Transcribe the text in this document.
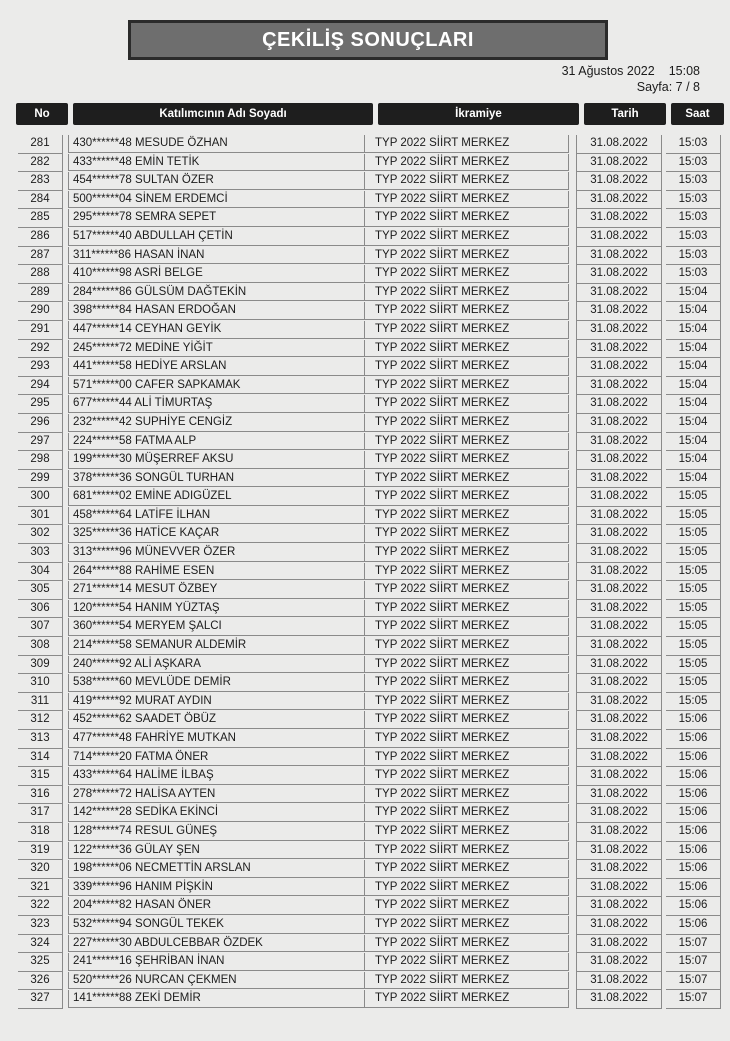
ÇEKİLİŞ SONUÇLARI
31 Ağustos 2022 15:08
Sayfa: 7 / 8
No	Katılımcının Adı Soyadı	İkramiye	Tarih	Saat
281	430******48 MESUDE ÖZHAN	TYP 2022 SİİRT MERKEZ	31.08.2022	15:03
282	433******48 EMİN TETİK	TYP 2022 SİİRT MERKEZ	31.08.2022	15:03
283	454******78 SULTAN ÖZER	TYP 2022 SİİRT MERKEZ	31.08.2022	15:03
284	500******04 SİNEM ERDEMCİ	TYP 2022 SİİRT MERKEZ	31.08.2022	15:03
285	295******78 SEMRA SEPET	TYP 2022 SİİRT MERKEZ	31.08.2022	15:03
286	517******40 ABDULLAH ÇETİN	TYP 2022 SİİRT MERKEZ	31.08.2022	15:03
287	311******86 HASAN İNAN	TYP 2022 SİİRT MERKEZ	31.08.2022	15:03
288	410******98 ASRİ BELGE	TYP 2022 SİİRT MERKEZ	31.08.2022	15:03
289	284******86 GÜLSÜM DAĞTEKİN	TYP 2022 SİİRT MERKEZ	31.08.2022	15:04
290	398******84 HASAN ERDOĞAN	TYP 2022 SİİRT MERKEZ	31.08.2022	15:04
291	447******14 CEYHAN GEYİK	TYP 2022 SİİRT MERKEZ	31.08.2022	15:04
292	245******72 MEDİNE YİĞİT	TYP 2022 SİİRT MERKEZ	31.08.2022	15:04
293	441******58 HEDİYE ARSLAN	TYP 2022 SİİRT MERKEZ	31.08.2022	15:04
294	571******00 CAFER SAPKAMAK	TYP 2022 SİİRT MERKEZ	31.08.2022	15:04
295	677******44 ALİ TİMURTAŞ	TYP 2022 SİİRT MERKEZ	31.08.2022	15:04
296	232******42 SUPHİYE CENGİZ	TYP 2022 SİİRT MERKEZ	31.08.2022	15:04
297	224******58 FATMA ALP	TYP 2022 SİİRT MERKEZ	31.08.2022	15:04
298	199******30 MÜŞERREF AKSU	TYP 2022 SİİRT MERKEZ	31.08.2022	15:04
299	378******36 SONGÜL TURHAN	TYP 2022 SİİRT MERKEZ	31.08.2022	15:04
300	681******02 EMİNE ADIGÜZEL	TYP 2022 SİİRT MERKEZ	31.08.2022	15:05
301	458******64 LATİFE İLHAN	TYP 2022 SİİRT MERKEZ	31.08.2022	15:05
302	325******36 HATİCE KAÇAR	TYP 2022 SİİRT MERKEZ	31.08.2022	15:05
303	313******96 MÜNEVVER ÖZER	TYP 2022 SİİRT MERKEZ	31.08.2022	15:05
304	264******88 RAHİME ESEN	TYP 2022 SİİRT MERKEZ	31.08.2022	15:05
305	271******14 MESUT ÖZBEY	TYP 2022 SİİRT MERKEZ	31.08.2022	15:05
306	120******54 HANIM YÜZTAŞ	TYP 2022 SİİRT MERKEZ	31.08.2022	15:05
307	360******54 MERYEM ŞALCI	TYP 2022 SİİRT MERKEZ	31.08.2022	15:05
308	214******58 SEMANUR ALDEMİR	TYP 2022 SİİRT MERKEZ	31.08.2022	15:05
309	240******92 ALİ AŞKARA	TYP 2022 SİİRT MERKEZ	31.08.2022	15:05
310	538******60 MEVLÜDE DEMİR	TYP 2022 SİİRT MERKEZ	31.08.2022	15:05
311	419******92 MURAT AYDIN	TYP 2022 SİİRT MERKEZ	31.08.2022	15:05
312	452******62 SAADET ÖBÜZ	TYP 2022 SİİRT MERKEZ	31.08.2022	15:06
313	477******48 FAHRİYE MUTKAN	TYP 2022 SİİRT MERKEZ	31.08.2022	15:06
314	714******20 FATMA ÖNER	TYP 2022 SİİRT MERKEZ	31.08.2022	15:06
315	433******64 HALİME İLBAŞ	TYP 2022 SİİRT MERKEZ	31.08.2022	15:06
316	278******72 HALİSA AYTEN	TYP 2022 SİİRT MERKEZ	31.08.2022	15:06
317	142******28 SEDİKA EKİNCİ	TYP 2022 SİİRT MERKEZ	31.08.2022	15:06
318	128******74 RESUL GÜNEŞ	TYP 2022 SİİRT MERKEZ	31.08.2022	15:06
319	122******36 GÜLAY ŞEN	TYP 2022 SİİRT MERKEZ	31.08.2022	15:06
320	198******06 NECMETTİN ARSLAN	TYP 2022 SİİRT MERKEZ	31.08.2022	15:06
321	339******96 HANIM PİŞKİN	TYP 2022 SİİRT MERKEZ	31.08.2022	15:06
322	204******82 HASAN ÖNER	TYP 2022 SİİRT MERKEZ	31.08.2022	15:06
323	532******94 SONGÜL TEKEK	TYP 2022 SİİRT MERKEZ	31.08.2022	15:06
324	227******30 ABDULCEBBAR ÖZDEK	TYP 2022 SİİRT MERKEZ	31.08.2022	15:07
325	241******16 ŞEHRİBAN İNAN	TYP 2022 SİİRT MERKEZ	31.08.2022	15:07
326	520******26 NURCAN ÇEKMEN	TYP 2022 SİİRT MERKEZ	31.08.2022	15:07
327	141******88 ZEKİ DEMİR	TYP 2022 SİİRT MERKEZ	31.08.2022	15:07
